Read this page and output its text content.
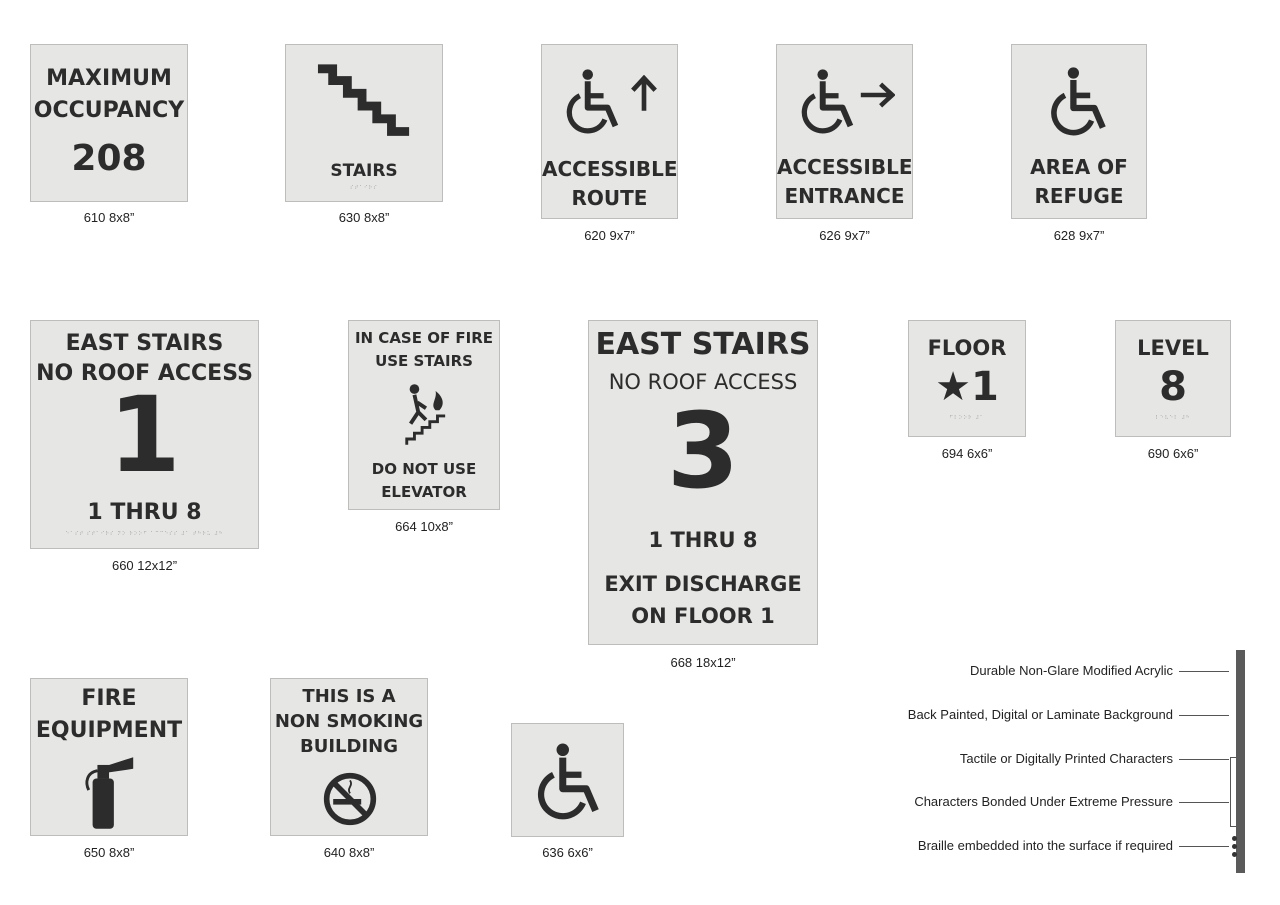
MAXIMUM
OCCUPANCY
208
610 8x8”
STAIRS
⠎⠞⠁⠊⠗⠎
630 8x8”
ACCESSIBLE
ROUTE
620 9x7”
ACCESSIBLE
ENTRANCE
626 9x7”
AREA OF
REFUGE
628 9x7”
EAST STAIRS
NO ROOF ACCESS
1
1 THRU 8
⠑⠁⠎⠞ ⠎⠞⠁⠊⠗⠎ ⠝⠕ ⠗⠕⠕⠋ ⠁⠉⠉⠑⠎⠎ ⠼⠁ ⠞⠓⠗⠥ ⠼⠓
660 12x12”
IN CASE OF FIRE
USE STAIRS
DO NOT USE
ELEVATOR
664 10x8”
EAST STAIRS
NO ROOF ACCESS
3
1 THRU 8
EXIT DISCHARGE
ON FLOOR 1
668 18x12”
FLOOR
★1
⠋⠇⠕⠕⠗ ⠼⠁
694 6x6”
LEVEL
8
⠇⠑⠧⠑⠇ ⠼⠓
690 6x6”
FIRE
EQUIPMENT
650 8x8”
THIS IS A
NON SMOKING
BUILDING
640 8x8”	636 6x6”
Durable Non-Glare Modified Acrylic
Back Painted, Digital or Laminate Background
Tactile or Digitally Printed Characters
Characters Bonded Under Extreme Pressure
Braille embedded into the surface if required
